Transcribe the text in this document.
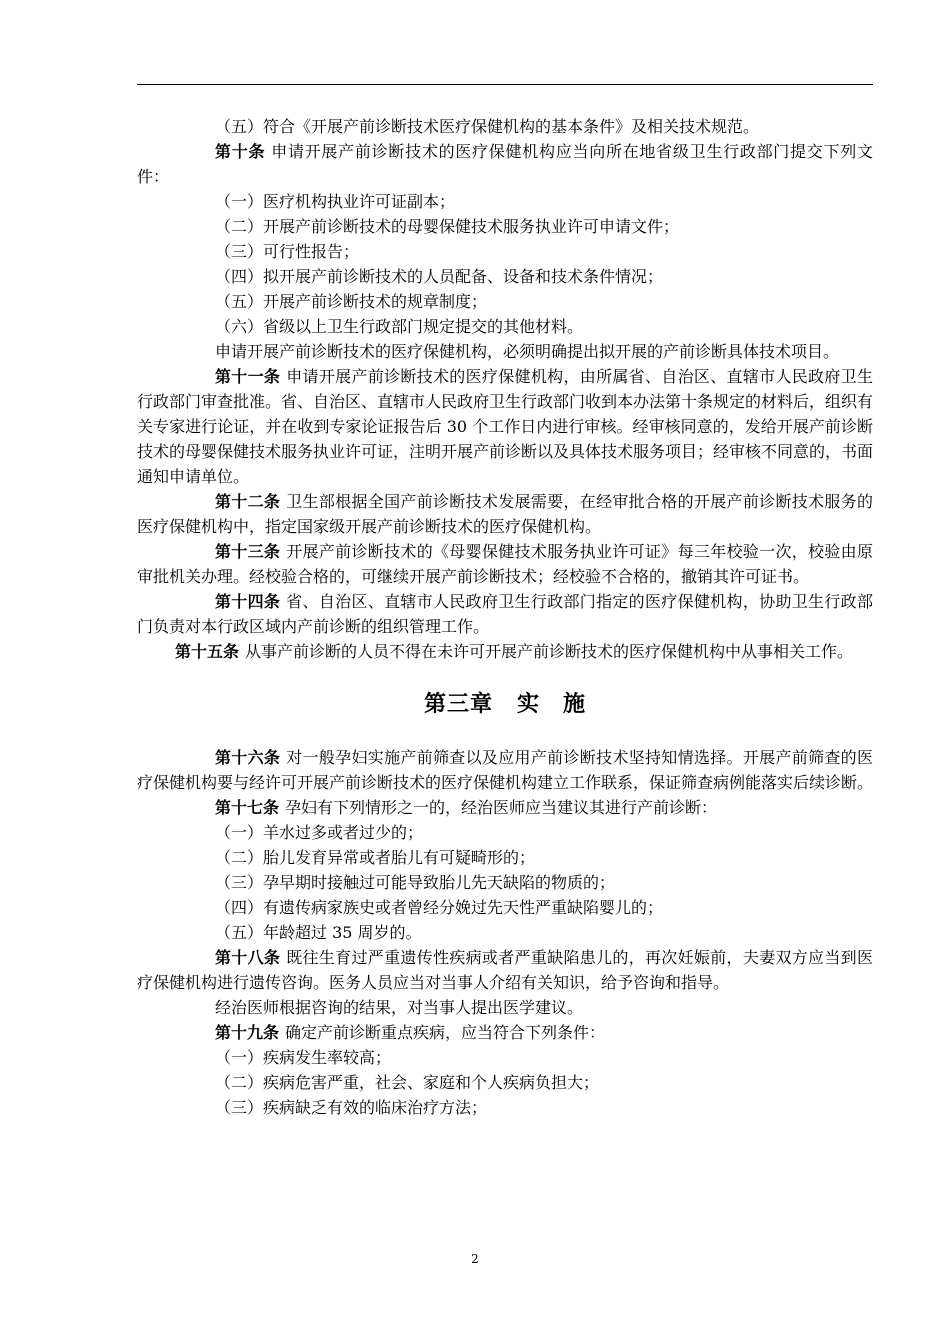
（五）符合《开展产前诊断技术医疗保健机构的基本条件》及相关技术规范。

第十条 申请开展产前诊断技术的医疗保健机构应当向所在地省级卫生行政部门提交下列文件：

（一）医疗机构执业许可证副本；

（二）开展产前诊断技术的母婴保健技术服务执业许可申请文件；

（三）可行性报告；

（四）拟开展产前诊断技术的人员配备、设备和技术条件情况；

（五）开展产前诊断技术的规章制度；

（六）省级以上卫生行政部门规定提交的其他材料。

申请开展产前诊断技术的医疗保健机构，必须明确提出拟开展的产前诊断具体技术项目。

第十一条 申请开展产前诊断技术的医疗保健机构，由所属省、自治区、直辖市人民政府卫生行政部门审查批准。省、自治区、直辖市人民政府卫生行政部门收到本办法第十条规定的材料后，组织有关专家进行论证，并在收到专家论证报告后 30 个工作日内进行审核。经审核同意的，发给开展产前诊断技术的母婴保健技术服务执业许可证，注明开展产前诊断以及具体技术服务项目；经审核不同意的，书面通知申请单位。

第十二条 卫生部根据全国产前诊断技术发展需要，在经审批合格的开展产前诊断技术服务的医疗保健机构中，指定国家级开展产前诊断技术的医疗保健机构。

第十三条 开展产前诊断技术的《母婴保健技术服务执业许可证》每三年校验一次，校验由原审批机关办理。经校验合格的，可继续开展产前诊断技术；经校验不合格的，撤销其许可证书。

第十四条 省、自治区、直辖市人民政府卫生行政部门指定的医疗保健机构，协助卫生行政部门负责对本行政区域内产前诊断的组织管理工作。

第十五条 从事产前诊断的人员不得在未许可开展产前诊断技术的医疗保健机构中从事相关工作。

第三章 实　施

第十六条 对一般孕妇实施产前筛查以及应用产前诊断技术坚持知情选择。开展产前筛查的医疗保健机构要与经许可开展产前诊断技术的医疗保健机构建立工作联系，保证筛查病例能落实后续诊断。

第十七条 孕妇有下列情形之一的，经治医师应当建议其进行产前诊断：

（一）羊水过多或者过少的；

（二）胎儿发育异常或者胎儿有可疑畸形的；

（三）孕早期时接触过可能导致胎儿先天缺陷的物质的；

（四）有遗传病家族史或者曾经分娩过先天性严重缺陷婴儿的；

（五）年龄超过 35 周岁的。

第十八条 既往生育过严重遗传性疾病或者严重缺陷患儿的，再次妊娠前，夫妻双方应当到医疗保健机构进行遗传咨询。医务人员应当对当事人介绍有关知识，给予咨询和指导。

经治医师根据咨询的结果，对当事人提出医学建议。

第十九条 确定产前诊断重点疾病，应当符合下列条件：

（一）疾病发生率较高；

（二）疾病危害严重，社会、家庭和个人疾病负担大；

（三）疾病缺乏有效的临床治疗方法；

2
